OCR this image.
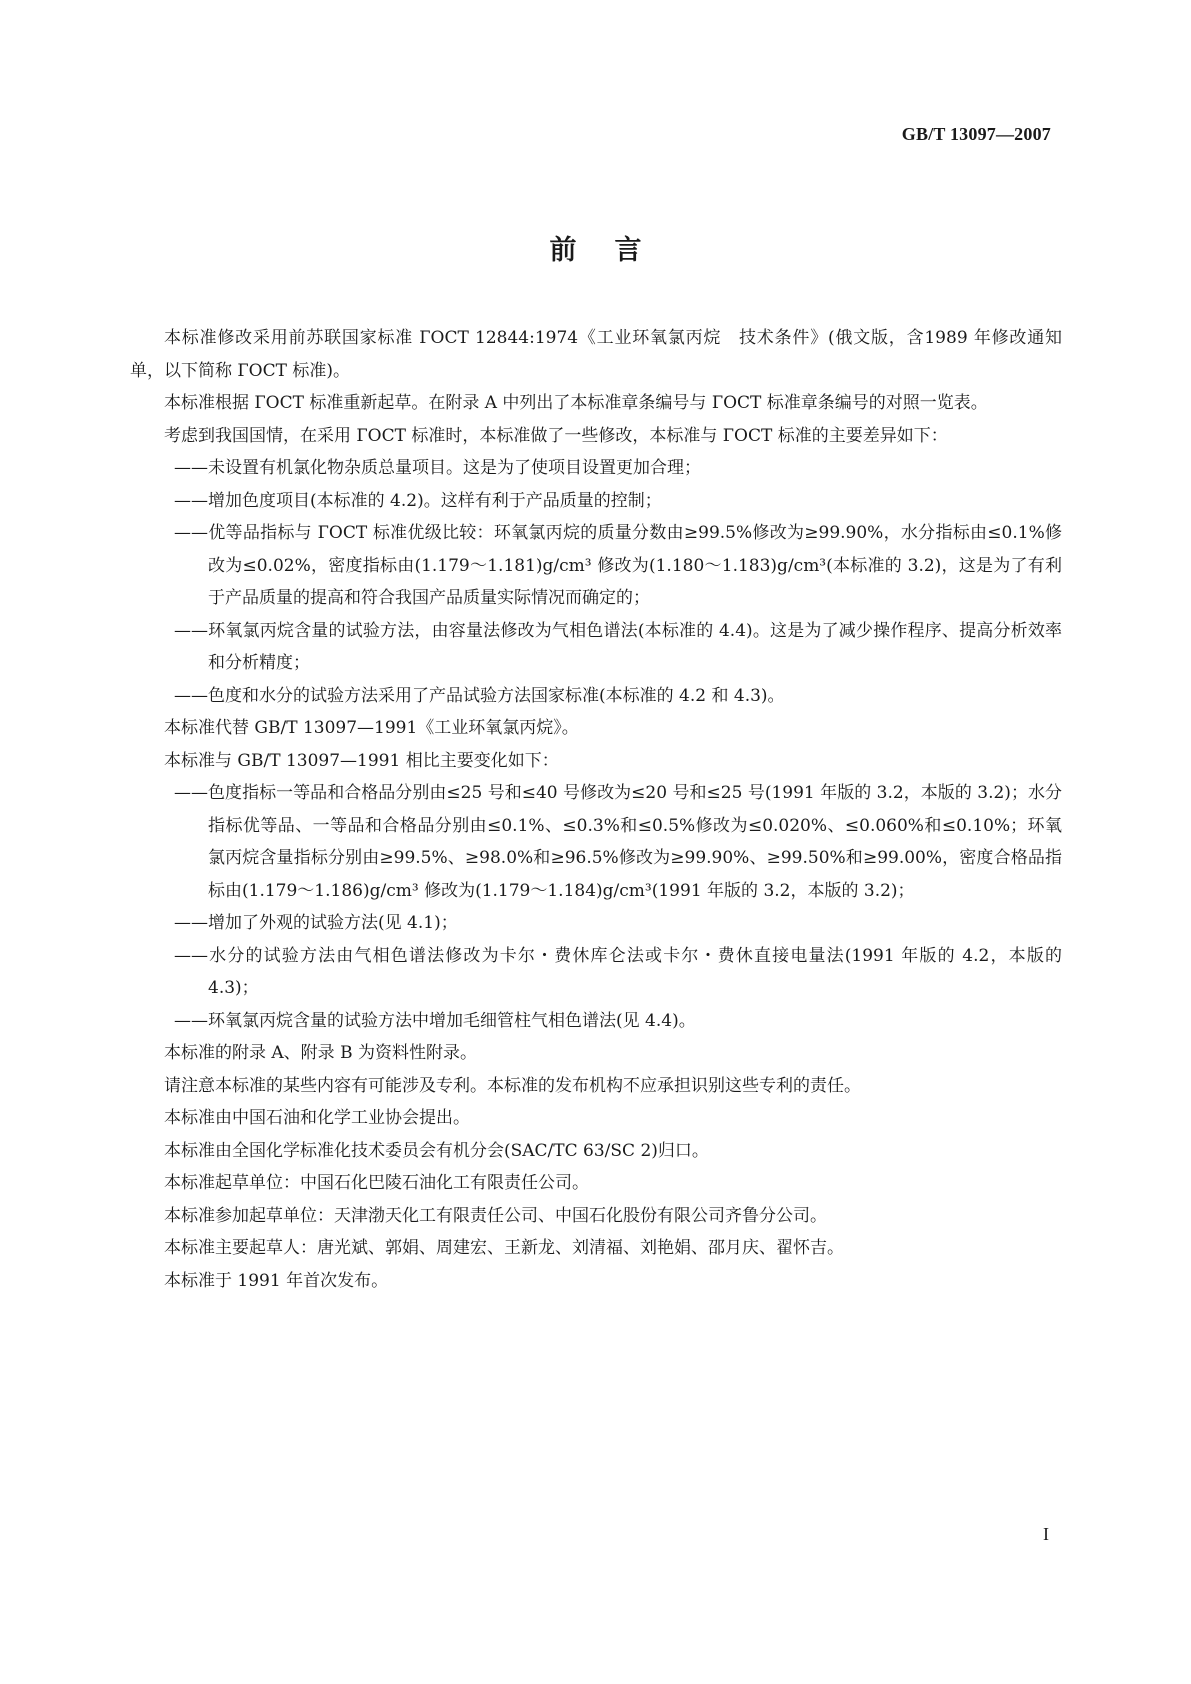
GB/T 13097—2007
前言

本标准修改采用前苏联国家标准 ГОСТ 12844:1974《工业环氧氯丙烷　技术条件》(俄文版，含1989 年修改通知单，以下简称 ГОСТ 标准)。

本标准根据 ГОСТ 标准重新起草。在附录 A 中列出了本标准章条编号与 ГОСТ 标准章条编号的对照一览表。

考虑到我国国情，在采用 ГОСТ 标准时，本标准做了一些修改，本标准与 ГОСТ 标准的主要差异如下：

——未设置有机氯化物杂质总量项目。这是为了使项目设置更加合理；

——增加色度项目(本标准的 4.2)。这样有利于产品质量的控制；

——优等品指标与 ГОСТ 标准优级比较：环氧氯丙烷的质量分数由≥99.5%修改为≥99.90%，水分指标由≤0.1%修改为≤0.02%，密度指标由(1.179～1.181)g/cm³ 修改为(1.180～1.183)g/cm³(本标准的 3.2)，这是为了有利于产品质量的提高和符合我国产品质量实际情况而确定的；

——环氧氯丙烷含量的试验方法，由容量法修改为气相色谱法(本标准的 4.4)。这是为了减少操作程序、提高分析效率和分析精度；

——色度和水分的试验方法采用了产品试验方法国家标准(本标准的 4.2 和 4.3)。

本标准代替 GB/T 13097—1991《工业环氧氯丙烷》。

本标准与 GB/T 13097—1991 相比主要变化如下：

——色度指标一等品和合格品分别由≤25 号和≤40 号修改为≤20 号和≤25 号(1991 年版的 3.2，本版的 3.2)；水分指标优等品、一等品和合格品分别由≤0.1%、≤0.3%和≤0.5%修改为≤0.020%、≤0.060%和≤0.10%；环氧氯丙烷含量指标分别由≥99.5%、≥98.0%和≥96.5%修改为≥99.90%、≥99.50%和≥99.00%，密度合格品指标由(1.179～1.186)g/cm³ 修改为(1.179～1.184)g/cm³(1991 年版的 3.2，本版的 3.2)；

——增加了外观的试验方法(见 4.1)；

——水分的试验方法由气相色谱法修改为卡尔・费休库仑法或卡尔・费休直接电量法(1991 年版的 4.2，本版的 4.3)；

——环氧氯丙烷含量的试验方法中增加毛细管柱气相色谱法(见 4.4)。

本标准的附录 A、附录 B 为资料性附录。

请注意本标准的某些内容有可能涉及专利。本标准的发布机构不应承担识别这些专利的责任。

本标准由中国石油和化学工业协会提出。

本标准由全国化学标准化技术委员会有机分会(SAC/TC 63/SC 2)归口。

本标准起草单位：中国石化巴陵石油化工有限责任公司。

本标准参加起草单位：天津渤天化工有限责任公司、中国石化股份有限公司齐鲁分公司。

本标准主要起草人：唐光斌、郭娟、周建宏、王新龙、刘清福、刘艳娟、邵月庆、翟怀吉。

本标准于 1991 年首次发布。

I
